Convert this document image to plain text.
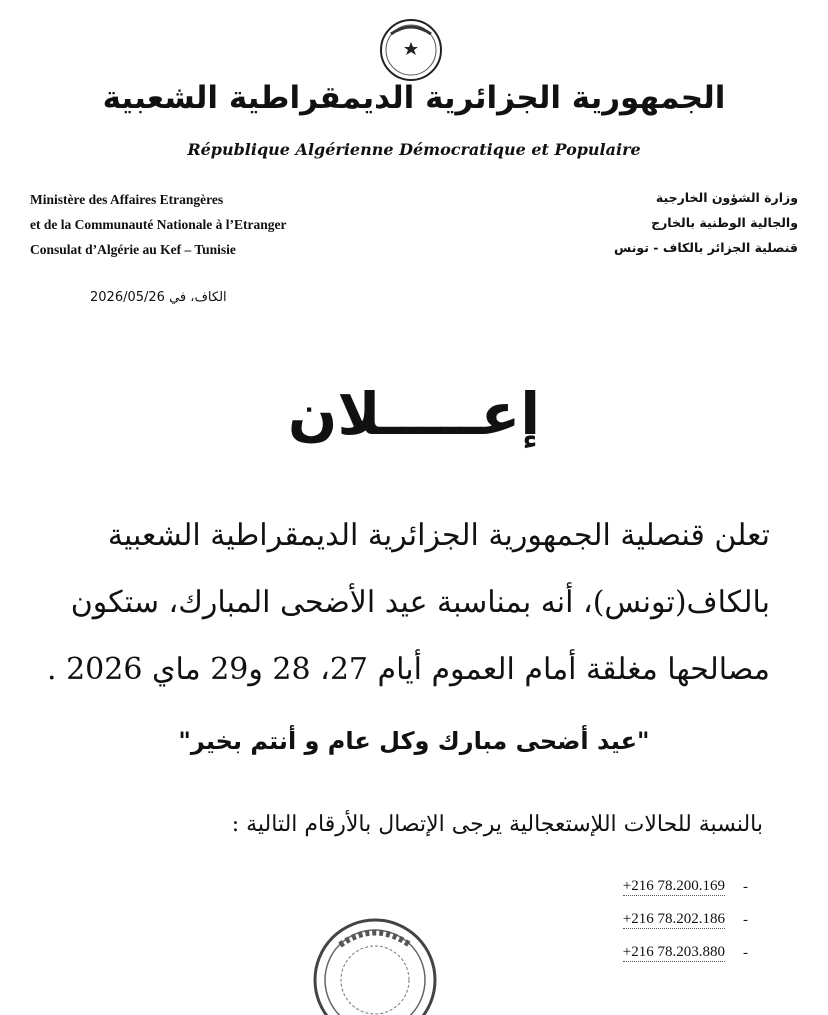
الجمهورية الجزائرية الديمقراطية الشعبية
République Algérienne Démocratique et Populaire
Ministère des Affaires Etrangères
et de la Communauté Nationale à l’Etranger
Consulat d’Algérie au Kef – Tunisie
وزارة الشؤون الخارجية
والجالية الوطنية بالخارج
قنصلية الجزائر بالكاف - تونس
الكاف، في 2026/05/26
إعـــــلان
تعلن قنصلية الجمهورية الجزائرية الديمقراطية الشعبية
بالكاف(تونس)، أنه بمناسبة عيد الأضحى المبارك، ستكون
مصالحها مغلقة أمام العموم أيام 27، 28 و29 ماي 2026 .
"عيد أضحى مبارك وكل عام و أنتم بخير"
بالنسبة للحالات اللإستعجالية يرجى الإتصال بالأرقام التالية :
+216 78.200.169 -
+216 78.202.186 -
+216 78.203.880 -
